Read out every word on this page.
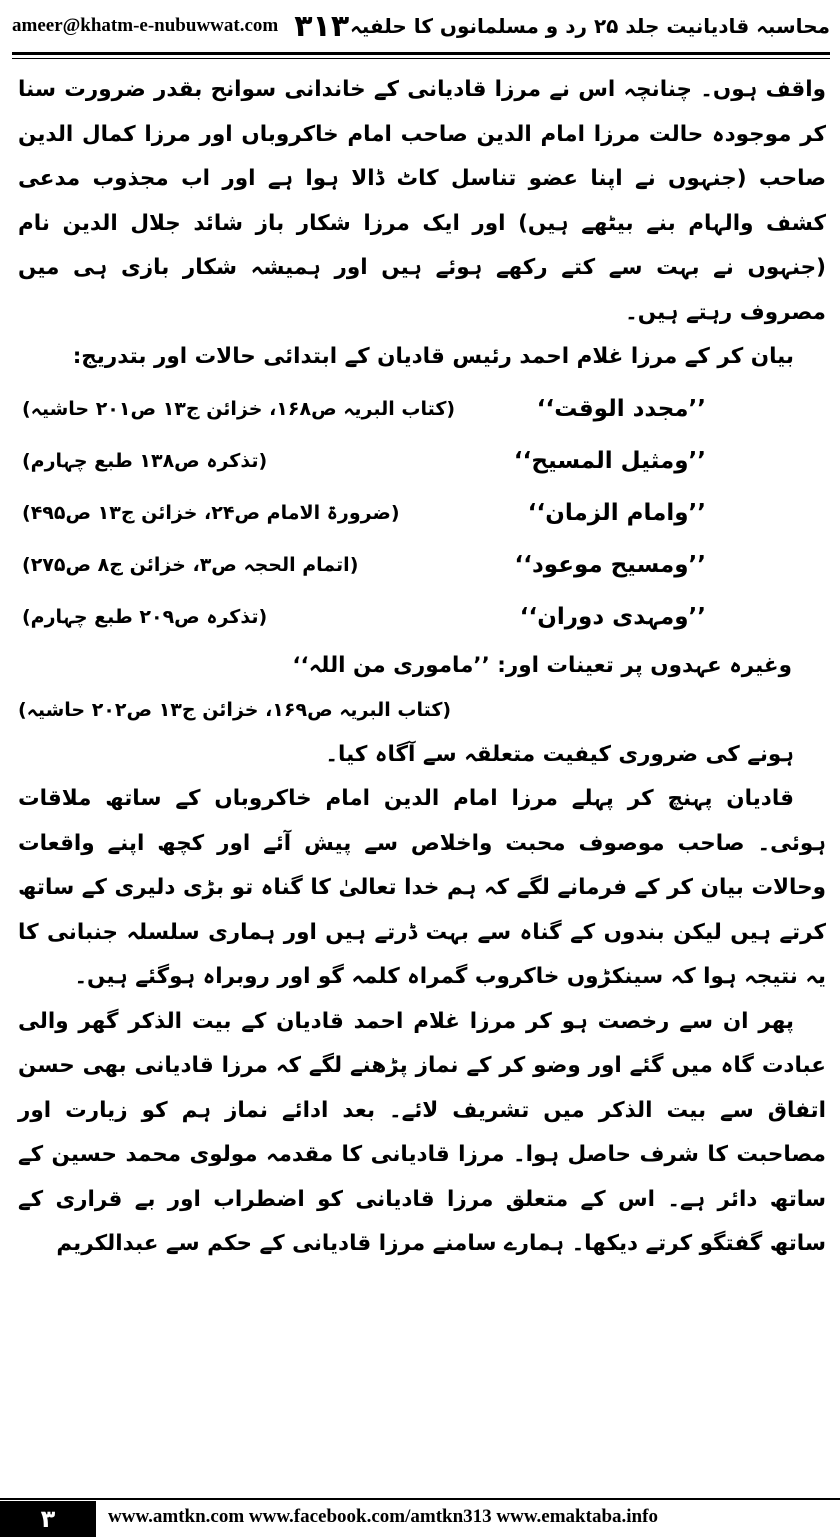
ameer@khatm-e-nubuwwat.com ۳۱۳ محاسبہ قادیانیت جلد ۲۵ رد و مسلمانوں کا حلفیہ

واقف ہوں۔ چنانچہ اس نے مرزا قادیانی کے خاندانی سوانح بقدر ضرورت سنا کر موجودہ حالت مرزا امام الدین صاحب امام خاکروباں اور مرزا کمال الدین صاحب (جنہوں نے اپنا عضو تناسل کاٹ ڈالا ہوا ہے اور اب مجذوب مدعی کشف والہام بنے بیٹھے ہیں) اور ایک مرزا شکار باز شائد جلال الدین نام (جنہوں نے بہت سے کتے رکھے ہوئے ہیں اور ہمیشہ شکار بازی ہی میں مصروف رہتے ہیں۔

بیان کر کے مرزا غلام احمد رئیس قادیان کے ابتدائی حالات اور بتدریج:

’’مجدد الوقت‘‘
(کتاب البریہ ص۱۶۸، خزائن ج۱۳ ص۲۰۱ حاشیہ)
’’ومثیل المسیح‘‘
(تذکرہ ص۱۳۸ طبع چہارم)
’’وامام الزمان‘‘
(ضرورۃ الامام ص۲۴، خزائن ج۱۳ ص۴۹۵)
’’ومسیح موعود‘‘
(اتمام الحجہ ص۳، خزائن ج۸ ص۲۷۵)
’’ومہدی دوران‘‘
(تذکرہ ص۲۰۹ طبع چہارم)

وغیرہ عہدوں پر تعینات اور: ’’ماموری من اللہ‘‘

(کتاب البریہ ص۱۶۹، خزائن ج۱۳ ص۲۰۲ حاشیہ)

ہونے کی ضروری کیفیت متعلقہ سے آگاہ کیا۔

قادیان پہنچ کر پہلے مرزا امام الدین امام خاکروباں کے ساتھ ملاقات ہوئی۔ صاحب موصوف محبت واخلاص سے پیش آئے اور کچھ اپنے واقعات وحالات بیان کر کے فرمانے لگے کہ ہم خدا تعالیٰ کا گناہ تو بڑی دلیری کے ساتھ کرتے ہیں لیکن بندوں کے گناہ سے بہت ڈرتے ہیں اور ہماری سلسلہ جنبانی کا یہ نتیجہ ہوا کہ سینکڑوں خاکروب گمراہ کلمہ گو اور روبراہ ہوگئے ہیں۔

پھر ان سے رخصت ہو کر مرزا غلام احمد قادیان کے بیت الذکر گھر والی عبادت گاہ میں گئے اور وضو کر کے نماز پڑھنے لگے کہ مرزا قادیانی بھی حسن اتفاق سے بیت الذکر میں تشریف لائے۔ بعد ادائے نماز ہم کو زیارت اور مصاحبت کا شرف حاصل ہوا۔ مرزا قادیانی کا مقدمہ مولوی محمد حسین کے ساتھ دائر ہے۔ اس کے متعلق مرزا قادیانی کو اضطراب اور بے قراری کے ساتھ گفتگو کرتے دیکھا۔ ہمارے سامنے مرزا قادیانی کے حکم سے عبدالکریم

۳	www.amtkn.com www.facebook.com/amtkn313 www.emaktaba.info
